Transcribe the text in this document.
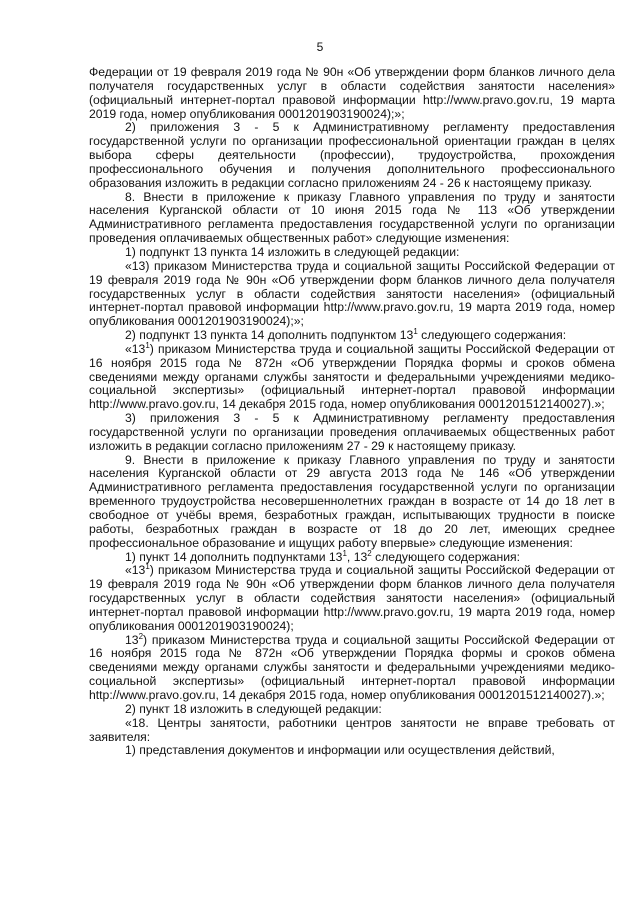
5

Федерации от 19 февраля 2019 года № 90н «Об утверждении форм бланков личного дела получателя государственных услуг в области содействия занятости населения» (официальный интернет-портал правовой информации http://www.pravo.gov.ru, 19 марта 2019 года, номер опубликования 0001201903190024);»;

2) приложения 3 - 5 к Административному регламенту предоставления государственной услуги по организации профессиональной ориентации граждан в целях выбора сферы деятельности (профессии), трудоустройства, прохождения профессионального обучения и получения дополнительного профессионального образования изложить в редакции согласно приложениям 24 - 26 к настоящему приказу.

8. Внести в приложение к приказу Главного управления по труду и занятости населения Курганской области от 10 июня 2015 года № 113 «Об утверждении Административного регламента предоставления государственной услуги по организации проведения оплачиваемых общественных работ» следующие изменения:

1) подпункт 13 пункта 14 изложить в следующей редакции:

«13) приказом Министерства труда и социальной защиты Российской Федерации от 19 февраля 2019 года № 90н «Об утверждении форм бланков личного дела получателя государственных услуг в области содействия занятости населения» (официальный интернет-портал правовой информации http://www.pravo.gov.ru, 19 марта 2019 года, номер опубликования 0001201903190024);»;

2) подпункт 13 пункта 14 дополнить подпунктом $13^1$ следующего содержания:

«$13^1$) приказом Министерства труда и социальной защиты Российской Федерации от 16 ноября 2015 года № 872н «Об утверждении Порядка формы и сроков обмена сведениями между органами службы занятости и федеральными учреждениями медико-социальной экспертизы» (официальный интернет-портал правовой информации http://www.pravo.gov.ru, 14 декабря 2015 года, номер опубликования 0001201512140027).»;

3) приложения 3 - 5 к Административному регламенту предоставления государственной услуги по организации проведения оплачиваемых общественных работ изложить в редакции согласно приложениям 27 - 29 к настоящему приказу.

9. Внести в приложение к приказу Главного управления по труду и занятости населения Курганской области от 29 августа 2013 года № 146 «Об утверждении Административного регламента предоставления государственной услуги по организации временного трудоустройства несовершеннолетних граждан в возрасте от 14 до 18 лет в свободное от учёбы время, безработных граждан, испытывающих трудности в поиске работы, безработных граждан в возрасте от 18 до 20 лет, имеющих среднее профессиональное образование и ищущих работу впервые» следующие изменения:

1) пункт 14 дополнить подпунктами $13^1$, $13^2$ следующего содержания:

«$13^1$) приказом Министерства труда и социальной защиты Российской Федерации от 19 февраля 2019 года № 90н «Об утверждении форм бланков личного дела получателя государственных услуг в области содействия занятости населения» (официальный интернет-портал правовой информации http://www.pravo.gov.ru, 19 марта 2019 года, номер опубликования 0001201903190024);

$13^2$) приказом Министерства труда и социальной защиты Российской Федерации от 16 ноября 2015 года № 872н «Об утверждении Порядка формы и сроков обмена сведениями между органами службы занятости и федеральными учреждениями медико-социальной экспертизы» (официальный интернет-портал правовой информации http://www.pravo.gov.ru, 14 декабря 2015 года, номер опубликования 0001201512140027).»;

2) пункт 18 изложить в следующей редакции:

«18. Центры занятости, работники центров занятости не вправе требовать от заявителя:

1) представления документов и информации или осуществления действий,
